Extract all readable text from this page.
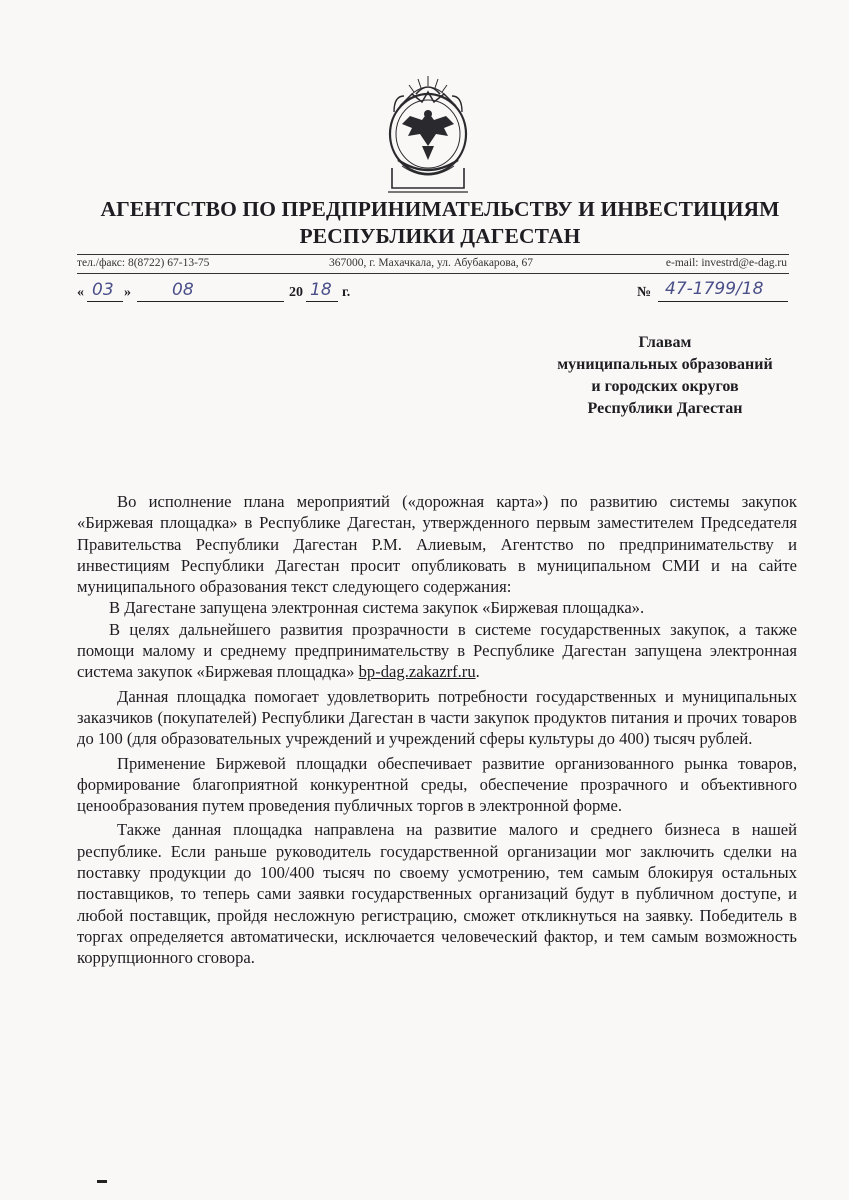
АГЕНТСТВО ПО ПРЕДПРИНИМАТЕЛЬСТВУ И ИНВЕСТИЦИЯМ
РЕСПУБЛИКИ ДАГЕСТАН
тел./факс: 8(8722) 67-13-75	367000, г. Махачкала, ул. Абубакарова, 67	e-mail: investrd@e-dag.ru
« 03 » 08	20 18 г.	№ 47-1799/18
Главам
муниципальных образований
и городских округов
Республики Дагестан

Во исполнение плана мероприятий («дорожная карта») по развитию системы закупок «Биржевая площадка» в Республике Дагестан, утвержденного первым заместителем Председателя Правительства Республики Дагестан Р.М. Алиевым, Агентство по предпринимательству и инвестициям Республики Дагестан просит опубликовать в муниципальном СМИ и на сайте муниципального образования текст следующего содержания:

В Дагестане запущена электронная система закупок «Биржевая площадка».

В целях дальнейшего развития прозрачности в системе государственных закупок, а также помощи малому и среднему предпринимательству в Республике Дагестан запущена электронная система закупок «Биржевая площадка» bp-dag.zakazrf.ru.

Данная площадка помогает удовлетворить потребности государственных и муниципальных заказчиков (покупателей) Республики Дагестан в части закупок продуктов питания и прочих товаров до 100 (для образовательных учреждений и учреждений сферы культуры до 400) тысяч рублей.

Применение Биржевой площадки обеспечивает развитие организованного рынка товаров, формирование благоприятной конкурентной среды, обеспечение прозрачного и объективного ценообразования путем проведения публичных торгов в электронной форме.

Также данная площадка направлена на развитие малого и среднего бизнеса в нашей республике. Если раньше руководитель государственной организации мог заключить сделки на поставку продукции до 100/400 тысяч по своему усмотрению, тем самым блокируя остальных поставщиков, то теперь сами заявки государственных организаций будут в публичном доступе, и любой поставщик, пройдя несложную регистрацию, сможет откликнуться на заявку. Победитель в торгах определяется автоматически, исключается человеческий фактор, и тем самым возможность коррупционного сговора.
